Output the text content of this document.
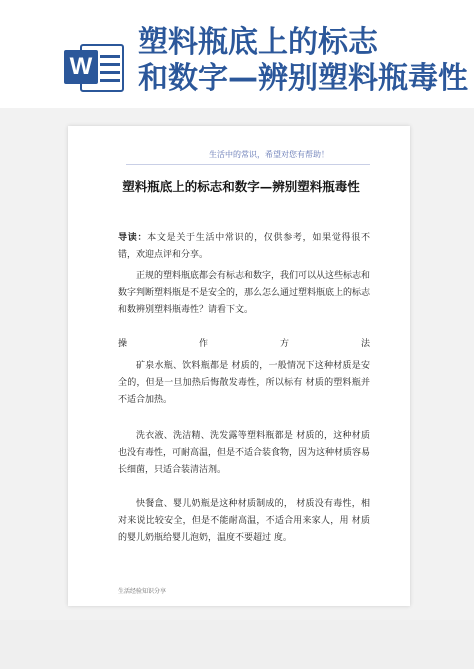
W
塑料瓶底上的标志
和数字—辨别塑料瓶毒性
生活中的常识，希望对您有帮助！
塑料瓶底上的标志和数字—辨别塑料瓶毒性
导读：本文是关于生活中常识的，仅供参考，如果觉得很不错，欢迎点评和分享。
正规的塑料瓶底都会有标志和数字，我们可以从这些标志和数字判断塑料瓶是不是安全的，那么怎么通过塑料瓶底上的标志和数辨别塑料瓶毒性？请看下文。
操	作	方	法
矿泉水瓶、饮料瓶都是 材质的，一般情况下这种材质是安全的，但是一旦加热后悔散发毒性，所以标有 材质的塑料瓶并不适合加热。
洗衣液、洗洁精、洗发露等塑料瓶都是 材质的，这种材质也没有毒性，可耐高温，但是不适合装食物，因为这种材质容易长细菌，只适合装清洁剂。
快餐盒、婴儿奶瓶是这种材质制成的， 材质没有毒性，相对来说比较安全，但是不能耐高温，不适合用来家人，用 材质的婴儿奶瓶给婴儿泡奶，温度不要超过 度。
生活经验知识分享
